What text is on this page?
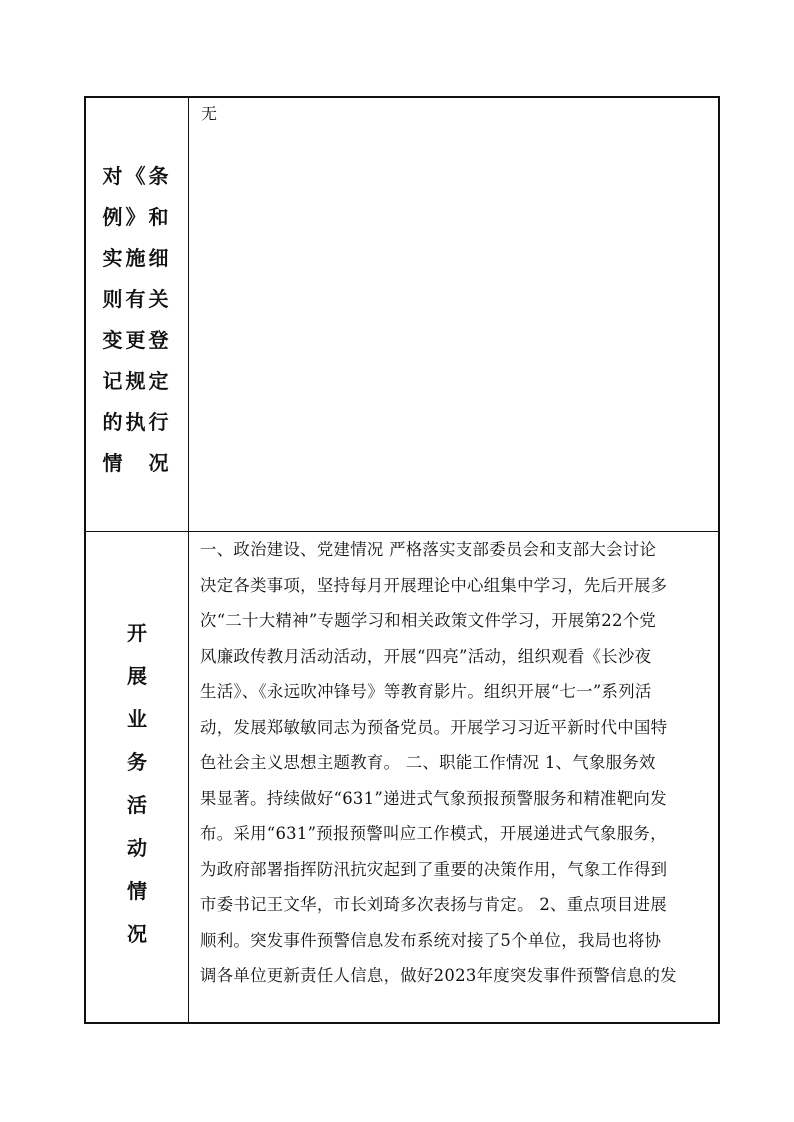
对《条
例》和
实施细
则有关
变更登
记规定
的执行
情　况
无
开
展
业
务
活
动
情
况
一、政治建设、党建情况 严格落实支部委员会和支部大会讨论
决定各类事项，坚持每月开展理论中心组集中学习，先后开展多
次“二十大精神”专题学习和相关政策文件学习，开展第22个党
风廉政传教月活动活动，开展“四亮”活动，组织观看《长沙夜
生活》、《永远吹冲锋号》等教育影片。组织开展“七一”系列活
动，发展郑敏敏同志为预备党员。开展学习习近平新时代中国特
色社会主义思想主题教育。 二、职能工作情况 1、气象服务效
果显著。持续做好“631”递进式气象预报预警服务和精准靶向发
布。采用“631”预报预警叫应工作模式，开展递进式气象服务，
为政府部署指挥防汛抗灾起到了重要的决策作用，气象工作得到
市委书记王文华，市长刘琦多次表扬与肯定。 2、重点项目进展
顺利。突发事件预警信息发布系统对接了5个单位，我局也将协
调各单位更新责任人信息，做好2023年度突发事件预警信息的发
